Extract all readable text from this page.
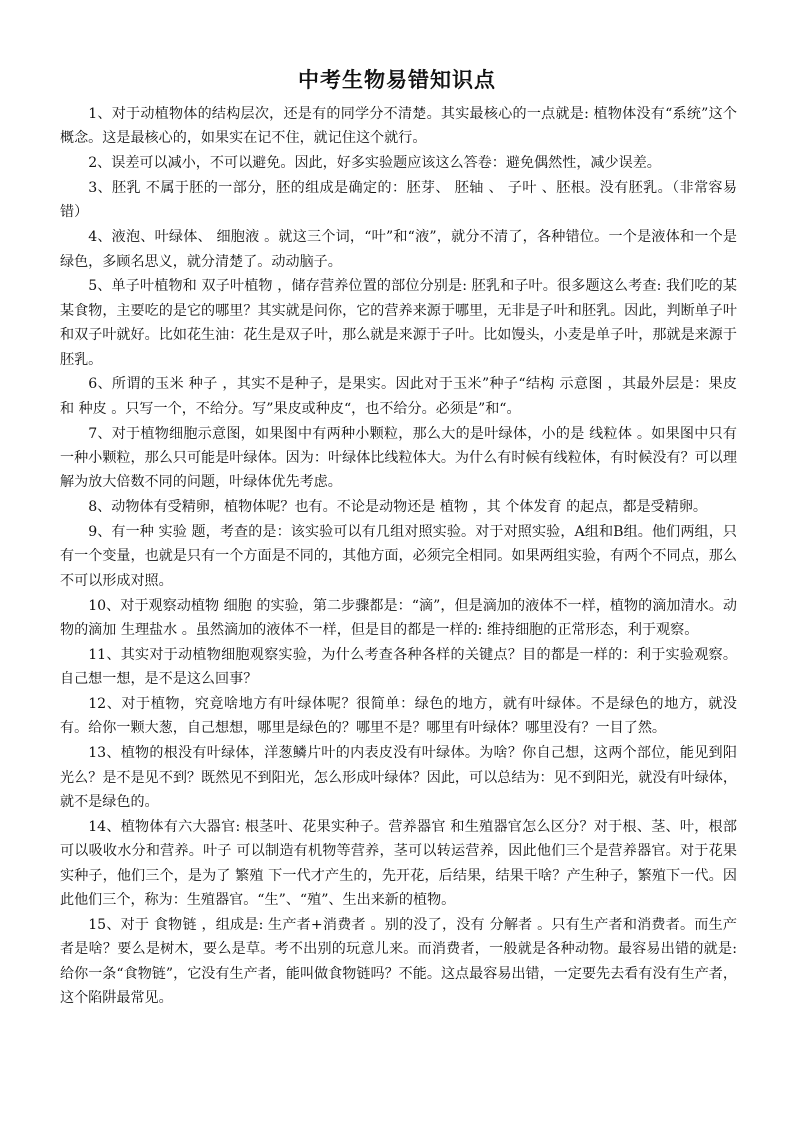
中考生物易错知识点

1、对于动植物体的结构层次，还是有的同学分不清楚。其实最核心的一点就是: 植物体没有“系统”这个概念。这是最核心的，如果实在记不住，就记住这个就行。

2、误差可以减小，不可以避免。因此，好多实验题应该这么答卷：避免偶然性，减少误差。

3、胚乳 不属于胚的一部分，胚的组成是确定的：胚芽、 胚轴 、 子叶 、胚根。没有胚乳。（非常容易错）

4、液泡、叶绿体、 细胞液 。就这三个词，“叶”和“液”，就分不清了，各种错位。一个是液体和一个是绿色，多顾名思义，就分清楚了。动动脑子。

5、单子叶植物和 双子叶植物 ，储存营养位置的部位分别是: 胚乳和子叶。很多题这么考查: 我们吃的某某食物，主要吃的是它的哪里？其实就是问你，它的营养来源于哪里，无非是子叶和胚乳。因此，判断单子叶和双子叶就好。比如花生油：花生是双子叶，那么就是来源于子叶。比如馒头，小麦是单子叶，那就是来源于胚乳。

6、所谓的玉米 种子 ，其实不是种子，是果实。因此对于玉米”种子“结构 示意图 ，其最外层是：果皮 和 种皮 。只写一个，不给分。写”果皮或种皮“，也不给分。必须是”和“。

7、对于植物细胞示意图，如果图中有两种小颗粒，那么大的是叶绿体，小的是 线粒体 。如果图中只有一种小颗粒，那么只可能是叶绿体。因为：叶绿体比线粒体大。为什么有时候有线粒体，有时候没有？可以理解为放大倍数不同的问题，叶绿体优先考虑。

8、动物体有受精卵，植物体呢？也有。不论是动物还是 植物 ，其 个体发育 的起点，都是受精卵。

9、有一种 实验 题，考查的是：该实验可以有几组对照实验。对于对照实验，A组和B组。他们两组，只有一个变量，也就是只有一个方面是不同的，其他方面，必须完全相同。如果两组实验，有两个不同点，那么不可以形成对照。

10、对于观察动植物 细胞 的实验，第二步骤都是：“滴”，但是滴加的液体不一样，植物的滴加清水。动物的滴加 生理盐水 。虽然滴加的液体不一样，但是目的都是一样的: 维持细胞的正常形态，利于观察。

11、其实对于动植物细胞观察实验，为什么考查各种各样的关键点？目的都是一样的：利于实验观察。自己想一想，是不是这么回事？

12、对于植物，究竟啥地方有叶绿体呢？很简单：绿色的地方，就有叶绿体。不是绿色的地方，就没有。给你一颗大葱，自己想想，哪里是绿色的？哪里不是？哪里有叶绿体？哪里没有？一目了然。

13、植物的根没有叶绿体，洋葱鳞片叶的内表皮没有叶绿体。为啥？你自己想，这两个部位，能见到阳光么？是不是见不到？既然见不到阳光，怎么形成叶绿体？因此，可以总结为：见不到阳光，就没有叶绿体，就不是绿色的。

14、植物体有六大器官: 根茎叶、花果实种子。营养器官 和生殖器官怎么区分？对于根、茎、叶，根部可以吸收水分和营养。叶子 可以制造有机物等营养，茎可以转运营养，因此他们三个是营养器官。对于花果实种子，他们三个，是为了 繁殖 下一代才产生的，先开花，后结果，结果干啥？产生种子，繁殖下一代。因此他们三个，称为：生殖器官。“生”、“殖”、生出来新的植物。

15、对于 食物链 ，组成是: 生产者+消费者 。别的没了，没有 分解者 。只有生产者和消费者。而生产者是啥？要么是树木，要么是草。考不出别的玩意儿来。而消费者，一般就是各种动物。最容易出错的就是: 给你一条“食物链”，它没有生产者，能叫做食物链吗？不能。这点最容易出错，一定要先去看有没有生产者，这个陷阱最常见。
